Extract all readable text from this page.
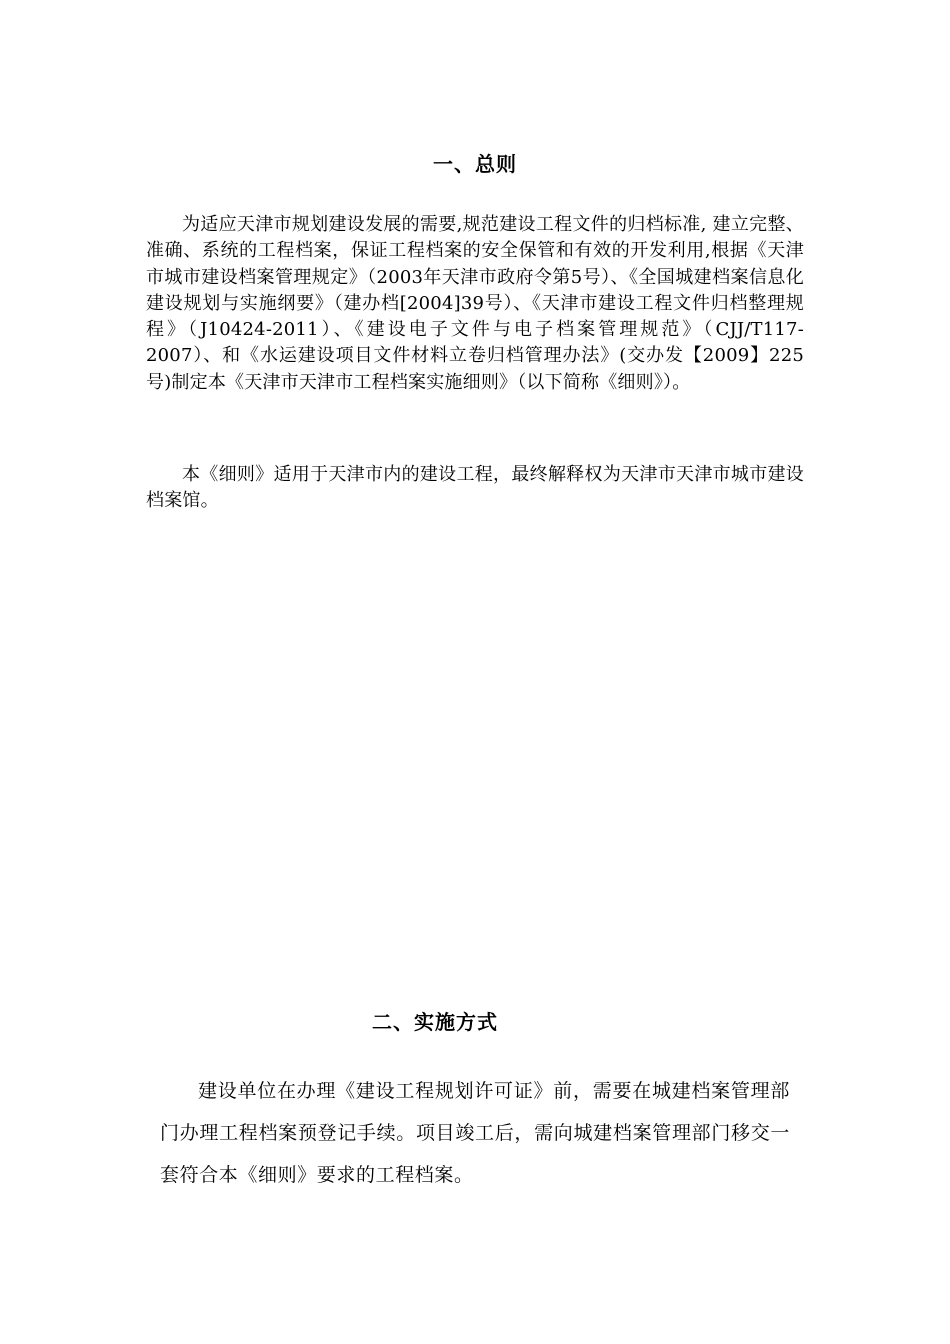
一、总则

为适应天津市规划建设发展的需要,规范建设工程文件的归档标准, 建立完整、准确、系统的工程档案，保证工程档案的安全保管和有效的开发利用,根据《天津市城市建设档案管理规定》（2003年天津市政府令第5号）、《全国城建档案信息化建设规划与实施纲要》（建办档[2004]39号）、《天津市建设工程文件归档整理规程》（J10424-2011）、《建设电子文件与电子档案管理规范》（CJJ/T117-2007）、和《水运建设项目文件材料立卷归档管理办法》(交办发【2009】225号)制定本《天津市天津市工程档案实施细则》（以下简称《细则》）。

本《细则》适用于天津市内的建设工程，最终解释权为天津市天津市城市建设档案馆。

二、实施方式

建设单位在办理《建设工程规划许可证》前，需要在城建档案管理部门办理工程档案预登记手续。项目竣工后，需向城建档案管理部门移交一套符合本《细则》要求的工程档案。
